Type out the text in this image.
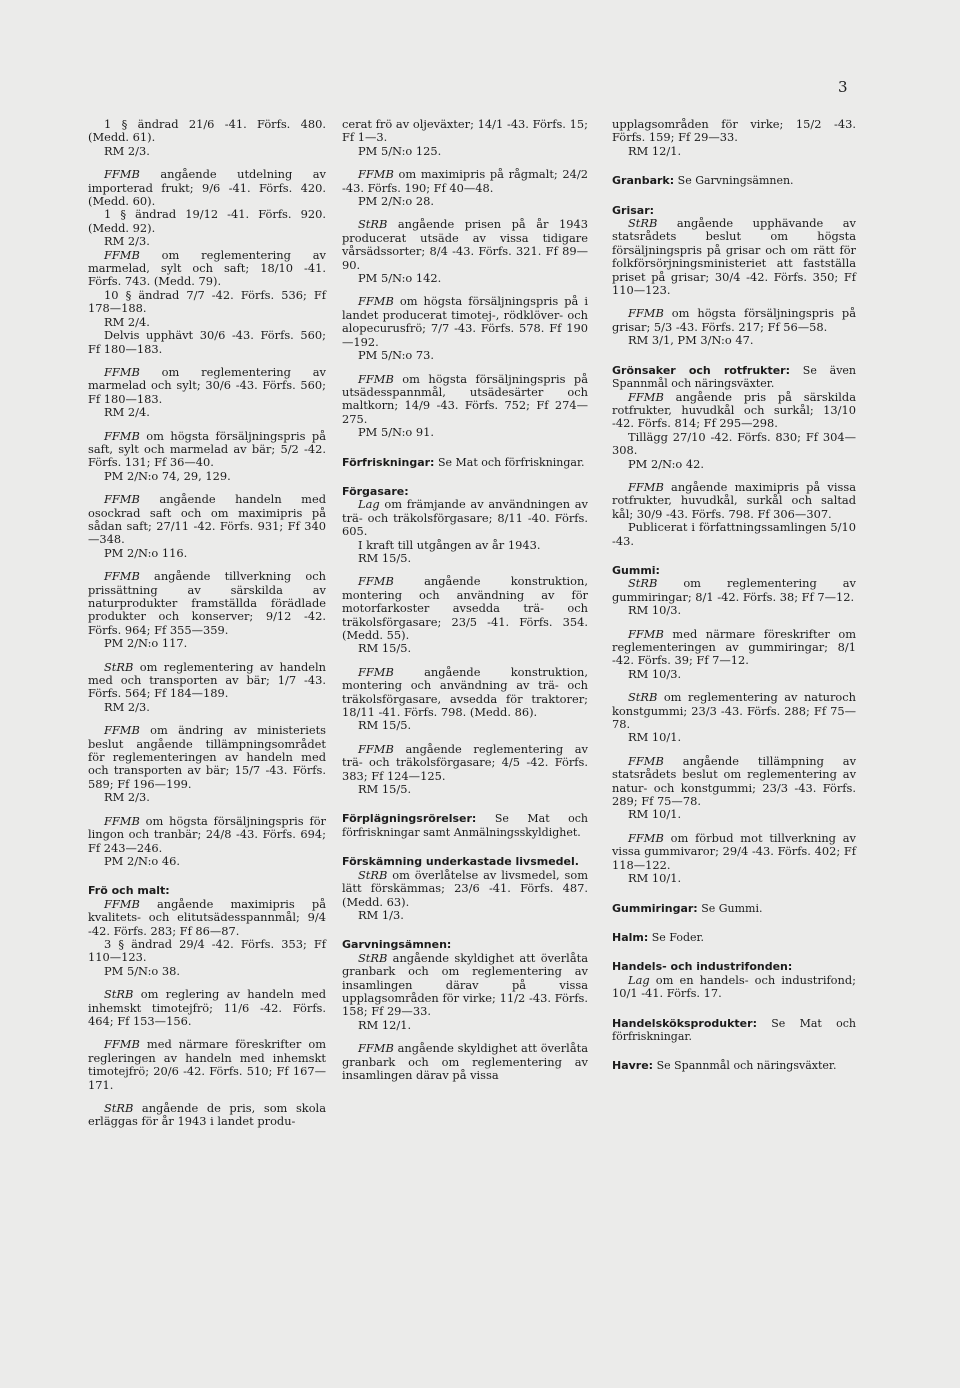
3
1 § ändrad 21/6 -41. Förfs. 480. (Medd. 61).
RM 2/3.
FFMB angående utdelning av importerad frukt; 9/6 -41. Förfs. 420. (Medd. 60).
1 § ändrad 19/12 -41. Förfs. 920. (Medd. 92).
RM 2/3.
FFMB om reglementering av marmelad, sylt och saft; 18/10 -41. Förfs. 743. (Medd. 79).
10 § ändrad 7/7 -42. Förfs. 536; Ff 178—188.
RM 2/4.
Delvis upphävt 30/6 -43. Förfs. 560; Ff 180—183.
FFMB om reglementering av marmelad och sylt; 30/6 -43. Förfs. 560; Ff 180—183.
RM 2/4.
FFMB om högsta försäljningspris på saft, sylt och marmelad av bär; 5/2 -42. Förfs. 131; Ff 36—40.
PM 2/N:o 74, 29, 129.
FFMB angående handeln med osockrad saft och om maximipris på sådan saft; 27/11 -42. Förfs. 931; Ff 340—348.
PM 2/N:o 116.
FFMB angående tillverkning och prissättning av särskilda av naturprodukter framställda förädlade produkter och konserver; 9/12 -42. Förfs. 964; Ff 355—359.
PM 2/N:o 117.
StRB om reglementering av handeln med och transporten av bär; 1/7 -43. Förfs. 564; Ff 184—189.
RM 2/3.
FFMB om ändring av ministeriets beslut angående tillämpningsområdet för reglementeringen av handeln med och transporten av bär; 15/7 -43. Förfs. 589; Ff 196—199.
RM 2/3.
FFMB om högsta försäljningspris för lingon och tranbär; 24/8 -43. Förfs. 694; Ff 243—246.
PM 2/N:o 46.
Frö och malt:
FFMB angående maximipris på kvalitets- och elitutsädesspannmål; 9/4 -42. Förfs. 283; Ff 86—87.
3 § ändrad 29/4 -42. Förfs. 353; Ff 110—123.
PM 5/N:o 38.
StRB om reglering av handeln med inhemskt timotejfrö; 11/6 -42. Förfs. 464; Ff 153—156.
FFMB med närmare föreskrifter om regleringen av handeln med inhemskt timotejfrö; 20/6 -42. Förfs. 510; Ff 167—171.
StRB angående de pris, som skola erläggas för år 1943 i landet produ-
cerat frö av oljeväxter; 14/1 -43. Förfs. 15; Ff 1—3.
PM 5/N:o 125.
FFMB om maximipris på rågmalt; 24/2 -43. Förfs. 190; Ff 40—48.
PM 2/N:o 28.
StRB angående prisen på år 1943 producerat utsäde av vissa tidigare vårsädssorter; 8/4 -43. Förfs. 321. Ff 89—90.
PM 5/N:o 142.
FFMB om högsta försäljningspris på i landet producerat timotej-, rödklöver- och alopecurusfrö; 7/7 -43. Förfs. 578. Ff 190—192.
PM 5/N:o 73.
FFMB om högsta försäljningspris på utsädesspannmål, utsädesärter och maltkorn; 14/9 -43. Förfs. 752; Ff 274—275.
PM 5/N:o 91.
Förfriskningar: Se Mat och förfriskningar.
Förgasare:
Lag om främjande av användningen av trä- och träkolsförgasare; 8/11 -40. Förfs. 605.
I kraft till utgången av år 1943.
RM 15/5.
FFMB angående konstruktion, montering och användning av för motorfarkoster avsedda trä- och träkolsförgasare; 23/5 -41. Förfs. 354. (Medd. 55).
RM 15/5.
FFMB angående konstruktion, montering och användning av trä- och träkolsförgasare, avsedda för traktorer; 18/11 -41. Förfs. 798. (Medd. 86).
RM 15/5.
FFMB angående reglementering av trä- och träkolsförgasare; 4/5 -42. Förfs. 383; Ff 124—125.
RM 15/5.
Förplägningsrörelser: Se Mat och förfriskningar samt Anmälningsskyldighet.
Förskämning underkastade livsmedel.
StRB om överlåtelse av livsmedel, som lätt förskämmas; 23/6 -41. Förfs. 487. (Medd. 63).
RM 1/3.
Garvningsämnen:
StRB angående skyldighet att överlåta granbark och om reglementering av insamlingen därav på vissa upplagsområden för virke; 11/2 -43. Förfs. 158; Ff 29—33.
RM 12/1.
FFMB angående skyldighet att överlåta granbark och om reglementering av insamlingen därav på vissa
upplagsområden för virke; 15/2 -43. Förfs. 159; Ff 29—33.
RM 12/1.
Granbark: Se Garvningsämnen.
Grisar:
StRB angående upphävande av statsrådets beslut om högsta försäljningspris på grisar och om rätt för folkförsörjningsministeriet att fastställa priset på grisar; 30/4 -42. Förfs. 350; Ff 110—123.
FFMB om högsta försäljningspris på grisar; 5/3 -43. Förfs. 217; Ff 56—58.
RM 3/1, PM 3/N:o 47.
Grönsaker och rotfrukter: Se även Spannmål och näringsväxter.
FFMB angående pris på särskilda rotfrukter, huvudkål och surkål; 13/10 -42. Förfs. 814; Ff 295—298.
Tillägg 27/10 -42. Förfs. 830; Ff 304—308.
PM 2/N:o 42.
FFMB angående maximipris på vissa rotfrukter, huvudkål, surkål och saltad kål; 30/9 -43. Förfs. 798. Ff 306—307.
Publicerat i författningssamlingen 5/10 -43.
Gummi:
StRB om reglementering av gummiringar; 8/1 -42. Förfs. 38; Ff 7—12.
RM 10/3.
FFMB med närmare föreskrifter om reglementeringen av gummiringar; 8/1 -42. Förfs. 39; Ff 7—12.
RM 10/3.
StRB om reglementering av naturoch konstgummi; 23/3 -43. Förfs. 288; Ff 75—78.
RM 10/1.
FFMB angående tillämpning av statsrådets beslut om reglementering av natur- och konstgummi; 23/3 -43. Förfs. 289; Ff 75—78.
RM 10/1.
FFMB om förbud mot tillverkning av vissa gummivaror; 29/4 -43. Förfs. 402; Ff 118—122.
RM 10/1.
Gummiringar: Se Gummi.
Halm: Se Foder.
Handels- och industrifonden:
Lag om en handels- och industrifond; 10/1 -41. Förfs. 17.
Handelsköksprodukter: Se Mat och förfriskningar.
Havre: Se Spannmål och näringsväxter.
